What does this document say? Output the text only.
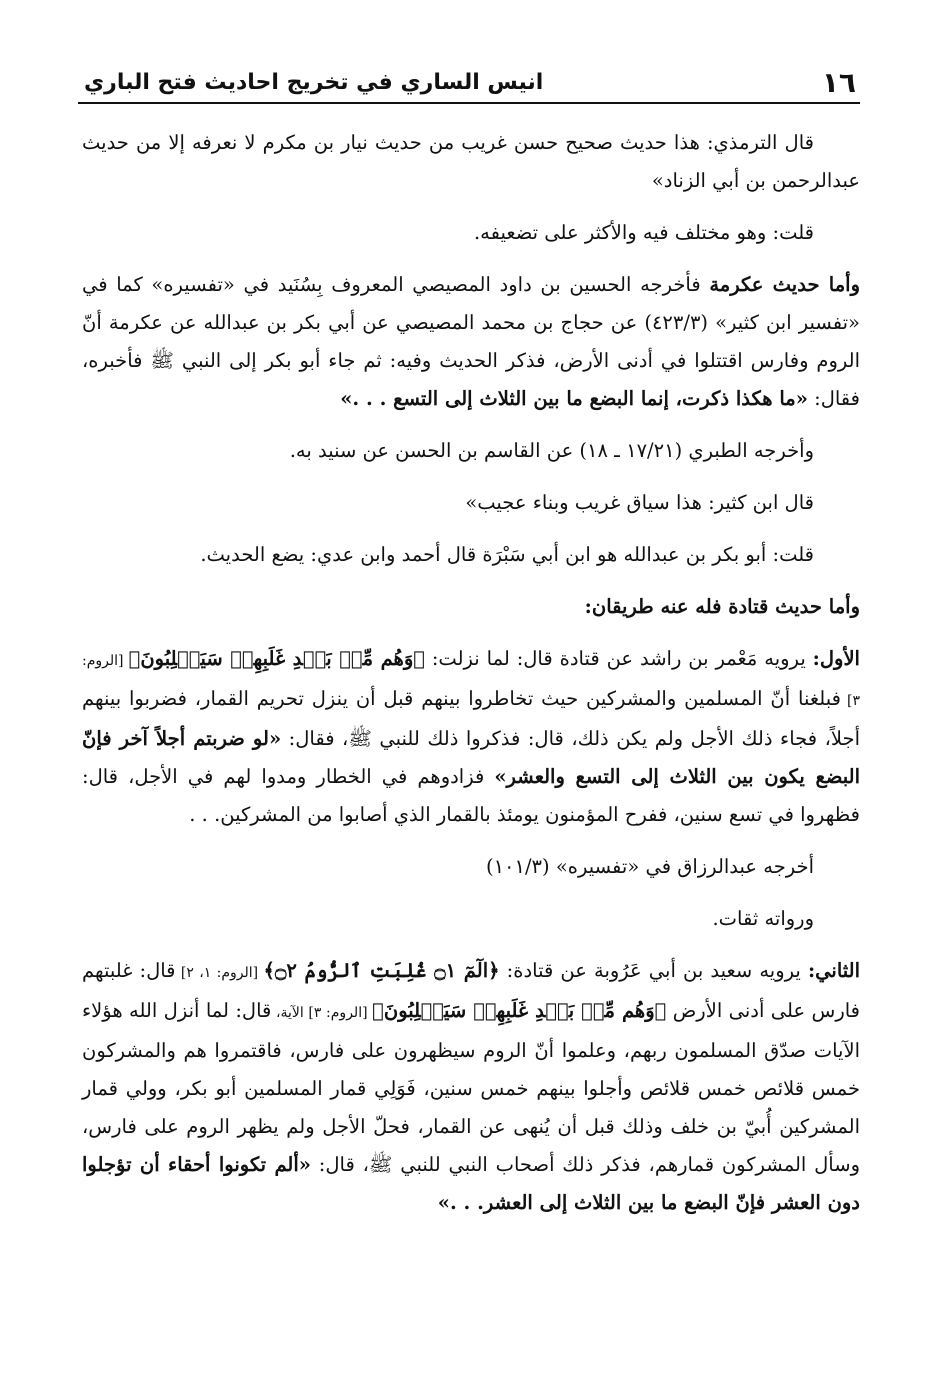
١٦
انيس الساري في تخريج احاديث فتح الباري

قال الترمذي: هذا حديث صحيح حسن غريب من حديث نيار بن مكرم لا نعرفه إلا من حديث عبدالرحمن بن أبي الزناد»

قلت: وهو مختلف فيه والأكثر على تضعيفه.

وأما حديث عكرمة فأخرجه الحسين بن داود المصيصي المعروف بِسُنَيد في «تفسيره» كما في «تفسير ابن كثير» (٤٢٣/٣) عن حجاج بن محمد المصيصي عن أبي بكر بن عبدالله عن عكرمة أنّ الروم وفارس اقتتلوا في أدنى الأرض، فذكر الحديث وفيه: ثم جاء أبو بكر إلى النبي ﷺ فأخبره، فقال: «ما هكذا ذكرت، إنما البضع ما بين الثلاث إلى التسع . . .»

وأخرجه الطبري (١٧/٢١ ـ ١٨) عن القاسم بن الحسن عن سنيد به.

قال ابن كثير: هذا سياق غريب وبناء عجيب»

قلت: أبو بكر بن عبدالله هو ابن أبي سَبْرَة قال أحمد وابن عدي: يضع الحديث.

وأما حديث قتادة فله عنه طريقان:

الأول: يرويه مَعْمر بن راشد عن قتادة قال: لما نزلت: ﴿وَهُم مِّنۢ بَعۡدِ غَلَبِهِمۡ سَيَغۡلِبُونَ﴾ [الروم: ٣] فبلغنا أنّ المسلمين والمشركين حيث تخاطروا بينهم قبل أن ينزل تحريم القمار، فضربوا بينهم أجلاً، فجاء ذلك الأجل ولم يكن ذلك، قال: فذكروا ذلك للنبي ﷺ، فقال: «لو ضربتم أجلاً آخر فإنّ البضع يكون بين الثلاث إلى التسع والعشر» فزادوهم في الخطار ومدوا لهم في الأجل، قال: فظهروا في تسع سنين، ففرح المؤمنون يومئذ بالقمار الذي أصابوا من المشركين. . .

أخرجه عبدالرزاق في «تفسيره» (١٠١/٣)

ورواته ثقات.

الثاني: يرويه سعيد بن أبي عَرُوبة عن قتادة: ﴿الٓمٓ ۝١ غُلِبَتِ ٱلرُّومُ ۝٢﴾ [الروم: ١، ٢] قال: غلبتهم فارس على أدنى الأرض ﴿وَهُم مِّنۢ بَعۡدِ غَلَبِهِمۡ سَيَغۡلِبُونَ﴾ [الروم: ٣] الآية، قال: لما أنزل الله هؤلاء الآيات صدّق المسلمون ربهم، وعلموا أنّ الروم سيظهرون على فارس، فاقتمروا هم والمشركون خمس قلائص خمس قلائص وأجلوا بينهم خمس سنين، فَوَلِي قمار المسلمين أبو بكر، وولي قمار المشركين أُبيّ بن خلف وذلك قبل أن يُنهى عن القمار، فحلّ الأجل ولم يظهر الروم على فارس، وسأل المشركون قمارهم، فذكر ذلك أصحاب النبي للنبي ﷺ، قال: «ألم تكونوا أحقاء أن تؤجلوا دون العشر فإنّ البضع ما بين الثلاث إلى العشر. . .»
